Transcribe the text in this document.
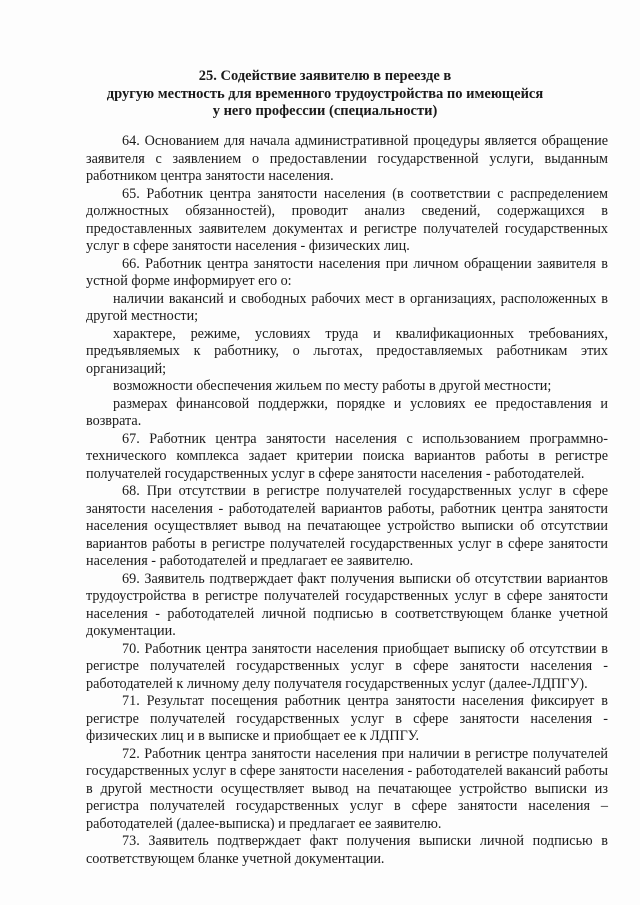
25. Содействие заявителю в переезде в
другую местность для временного трудоустройства по имеющейся
у него профессии (специальности)

64. Основанием для начала административной процедуры является обращение заявителя с заявлением о предоставлении государственной услуги, выданным работником центра занятости населения.

65. Работник центра занятости населения (в соответствии с распределением должностных обязанностей), проводит анализ сведений, содержащихся в предоставленных заявителем документах и регистре получателей государственных услуг в сфере занятости населения - физических лиц.

66. Работник центра занятости населения при личном обращении заявителя в устной форме информирует его о:

наличии вакансий и свободных рабочих мест в организациях, расположенных в другой местности;

характере, режиме, условиях труда и квалификационных требованиях, предъявляемых к работнику, о льготах, предоставляемых работникам этих организаций;

возможности обеспечения жильем по месту работы в другой местности;

размерах финансовой поддержки, порядке и условиях ее предоставления и возврата.

67. Работник центра занятости населения с использованием программно-технического комплекса задает критерии поиска вариантов работы в регистре получателей государственных услуг в сфере занятости населения - работодателей.

68. При отсутствии в регистре получателей государственных услуг в сфере занятости населения - работодателей вариантов работы, работник центра занятости населения осуществляет вывод на печатающее устройство выписки об отсутствии вариантов работы в регистре получателей государственных услуг в сфере занятости населения - работодателей и предлагает ее заявителю.

69. Заявитель подтверждает факт получения выписки об отсутствии вариантов трудоустройства в регистре получателей государственных услуг в сфере занятости населения - работодателей личной подписью в соответствующем бланке учетной документации.

70. Работник центра занятости населения приобщает выписку об отсутствии в регистре получателей государственных услуг в сфере занятости населения - работодателей к личному делу получателя государственных услуг (далее-ЛДПГУ).

71. Результат посещения работник центра занятости населения фиксирует в регистре получателей государственных услуг в сфере занятости населения - физических лиц и в выписке и приобщает ее к ЛДПГУ.

72. Работник центра занятости населения при наличии в регистре получателей государственных услуг в сфере занятости населения - работодателей вакансий работы в другой местности осуществляет вывод на печатающее устройство выписки из регистра получателей государственных услуг в сфере занятости населения – работодателей (далее-выписка) и предлагает ее заявителю.

73. Заявитель подтверждает факт получения выписки личной подписью в соответствующем бланке учетной документации.
